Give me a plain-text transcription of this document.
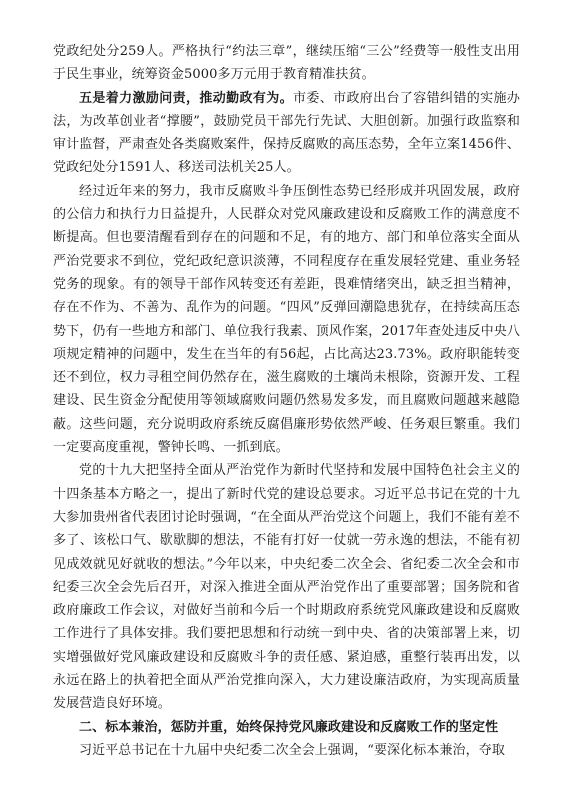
党政纪处分259人。严格执行“约法三章”，继续压缩“三公”经费等一般性支出用于民生事业，统筹资金5000多万元用于教育精准扶贫。

五是着力激励问责，推动勤政有为。市委、市政府出台了容错纠错的实施办法，为改革创业者“撑腰”，鼓励党员干部先行先试、大胆创新。加强行政监察和审计监督，严肃查处各类腐败案件，保持反腐败的高压态势，全年立案1456件、党政纪处分1591人、移送司法机关25人。

经过近年来的努力，我市反腐败斗争压倒性态势已经形成并巩固发展，政府的公信力和执行力日益提升，人民群众对党风廉政建设和反腐败工作的满意度不断提高。但也要清醒看到存在的问题和不足，有的地方、部门和单位落实全面从严治党要求不到位，党纪政纪意识淡薄，不同程度存在重发展轻党建、重业务轻党务的现象。有的领导干部作风转变还有差距，畏难情绪突出，缺乏担当精神，存在不作为、不善为、乱作为的问题。“四风”反弹回潮隐患犹存，在持续高压态势下，仍有一些地方和部门、单位我行我素、顶风作案，2017年查处违反中央八项规定精神的问题中，发生在当年的有56起，占比高达23.73%。政府职能转变还不到位，权力寻租空间仍然存在，滋生腐败的土壤尚未根除，资源开发、工程建设、民生资金分配使用等领域腐败问题仍然易发多发，而且腐败问题越来越隐蔽。这些问题，充分说明政府系统反腐倡廉形势依然严峻、任务艰巨繁重。我们一定要高度重视，警钟长鸣、一抓到底。

党的十九大把坚持全面从严治党作为新时代坚持和发展中国特色社会主义的十四条基本方略之一，提出了新时代党的建设总要求。习近平总书记在党的十九大参加贵州省代表团讨论时强调，“在全面从严治党这个问题上，我们不能有差不多了、该松口气、歇歇脚的想法，不能有打好一仗就一劳永逸的想法，不能有初见成效就见好就收的想法。”今年以来，中央纪委二次全会、省纪委二次全会和市纪委三次全会先后召开，对深入推进全面从严治党作出了重要部署；国务院和省政府廉政工作会议，对做好当前和今后一个时期政府系统党风廉政建设和反腐败工作进行了具体安排。我们要把思想和行动统一到中央、省的决策部署上来，切实增强做好党风廉政建设和反腐败斗争的责任感、紧迫感，重整行装再出发，以永远在路上的执着把全面从严治党推向深入，大力建设廉洁政府，为实现高质量发展营造良好环境。

二、标本兼治，惩防并重，始终保持党风廉政建设和反腐败工作的坚定性

习近平总书记在十九届中央纪委二次全会上强调，“要深化标本兼治，夺取
